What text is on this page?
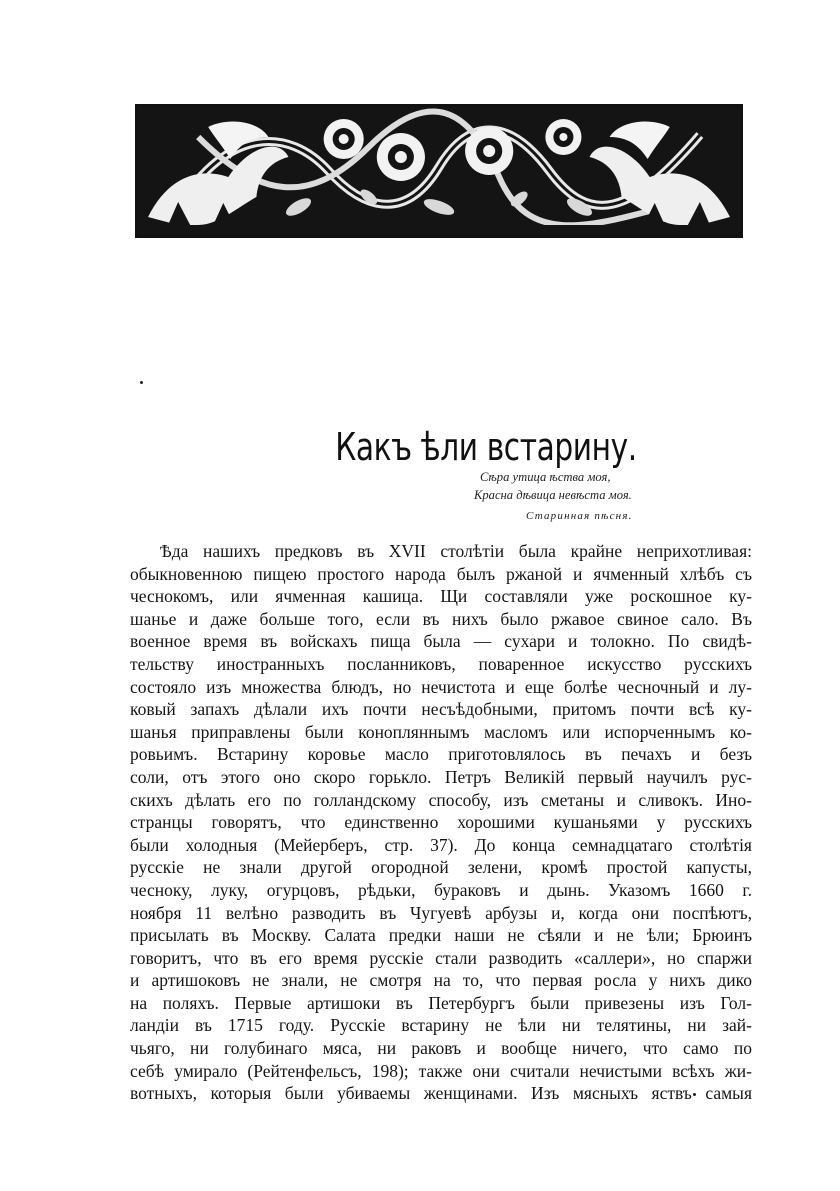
Какъ ѣли встарину.
Сѣра утица ѣства моя,
Красна дѣвица невѣста моя.
Старинная пѣсня.
Ѣда нашихъ предковъ въ XVII столѣтіи была крайне неприхотливая:
обыкновенною пищею простого народа былъ ржаной и ячменный хлѣбъ съ
чеснокомъ, или ячменная кашица. Щи составляли уже роскошное ку-
шанье и даже больше того, если въ нихъ было ржавое свиное сало. Въ
военное время въ войскахъ пища была — сухари и толокно. По свидѣ-
тельству иностранныхъ посланниковъ, поваренное искусство русскихъ
состояло изъ множества блюдъ, но нечистота и еще болѣе чесночный и лу-
ковый запахъ дѣлали ихъ почти несъѣдобными, притомъ почти всѣ ку-
шанья приправлены были конопляннымъ масломъ или испорченнымъ ко-
ровьимъ. Встарину коровье масло приготовлялось въ печахъ и безъ
соли, отъ этого оно скоро горькло. Петръ Великій первый научилъ рус-
скихъ дѣлать его по голландскому способу, изъ сметаны и сливокъ. Ино-
странцы говорятъ, что единственно хорошими кушаньями у русскихъ
были холодныя (Мейерберъ, стр. 37). До конца семнадцатаго столѣтія
русскіе не знали другой огородной зелени, кромѣ простой капусты,
чесноку, луку, огурцовъ, рѣдьки, бураковъ и дынь. Указомъ 1660 г.
ноября 11 велѣно разводить въ Чугуевѣ арбузы и, когда они поспѣютъ,
присылать въ Москву. Салата предки наши не сѣяли и не ѣли; Брюинъ
говоритъ, что въ его время русскіе стали разводить «саллери», но спаржи
и артишоковъ не знали, не смотря на то, что первая росла у нихъ дико
на поляхъ. Первые артишоки въ Петербургъ были привезены изъ Гол-
ландіи въ 1715 году. Русскіе встарину не ѣли ни телятины, ни зай-
чьяго, ни голубинаго мяса, ни раковъ и вообще ничего, что само по
себѣ умирало (Рейтенфельсъ, 198); также они считали нечистыми всѣхъ жи-
вотныхъ, которыя были убиваемы женщинами. Изъ мясныхъ яствъ самыя
